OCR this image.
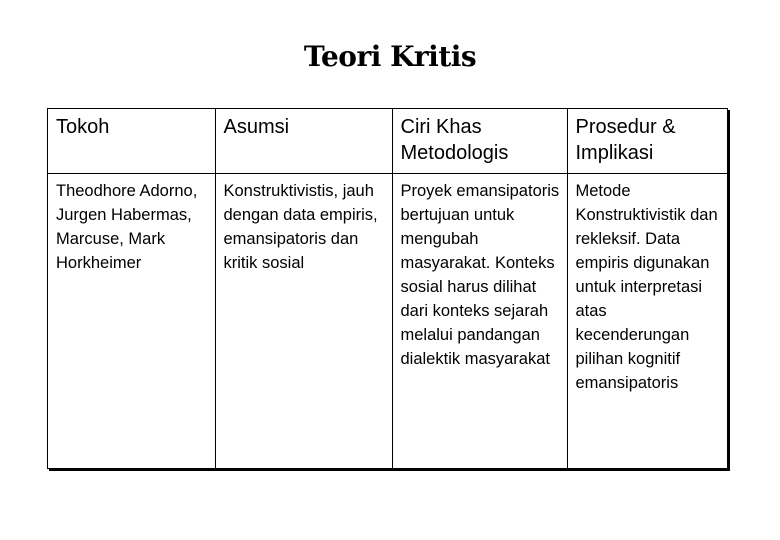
Teori Kritis
Tokoh	Asumsi	Ciri Khas Metodologis	Prosedur & Implikasi
Theodhore Adorno, Jurgen Habermas, Marcuse, Mark Horkheimer	Konstruktivistis, jauh dengan data empiris, emansipatoris dan kritik sosial	Proyek emansipatoris bertujuan untuk mengubah masyarakat. Konteks sosial harus dilihat dari konteks sejarah melalui pandangan dialektik masyarakat	Metode Konstruktivistik dan rekleksif. Data empiris digunakan untuk interpretasi atas kecenderungan pilihan kognitif emansipatoris
